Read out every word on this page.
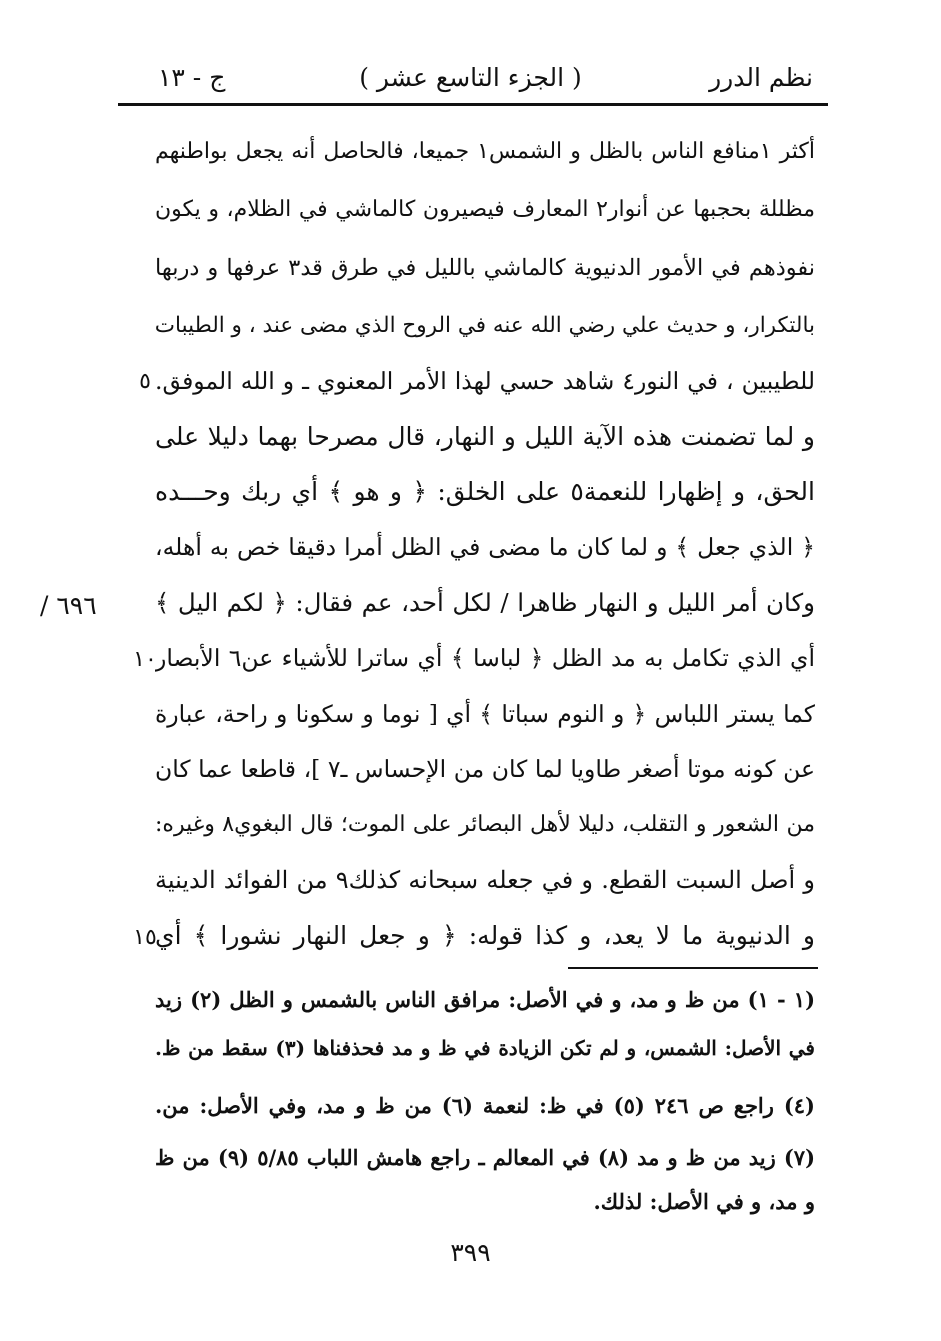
نظم الدرر
( الجزء التاسع عشر )
ج - ١٣
أكثر ١منافع الناس بالظل و الشمس١ جميعا، فالحاصل أنه يجعل بواطنهم
مظللة بحجبها عن أنوار٢ المعارف فيصيرون كالماشي في الظلام، و يكون
نفوذهم في الأمور الدنيوية كالماشي بالليل في طرق قد٣ عرفها و دربها
بالتكرار، و حديث علي رضي الله عنه في الروح الذي مضى عند ، و الطيبات
للطيبين ، في النور٤ شاهد حسي لهذا الأمر المعنوي ـ و الله الموفق.
و لما تضمنت هذه الآية الليل و النهار، قال مصرحا بهما دليلا على
الحق، و إظهارا للنعمة٥ على الخلق: ﴿ و هو ﴾ أي ربك وحـــده
﴿ الذي جعل ﴾ و لما كان ما مضى في الظل أمرا دقيقا خص به أهله،
وكان أمر الليل و النهار ظاهرا / لكل أحد، عم فقال: ﴿ لكم اليل ﴾
أي الذي تكامل به مد الظل ﴿ لباسا ﴾ أي ساترا للأشياء عن٦ الأبصار
كما يستر اللباس ﴿ و النوم سباتا ﴾ أي [ نوما و سكونا و راحة، عبارة
عن كونه موتا أصغر طاويا لما كان من الإحساس ـ٧ ]، قاطعا عما كان
من الشعور و التقلب، دليلا لأهل البصائر على الموت؛ قال البغوي٨ وغيره:
و أصل السبت القطع. و في جعله سبحانه كذلك٩ من الفوائد الدينية
و الدنيوية ما لا يعد، و كذا قوله: ﴿ و جعل النهار نشورا ﴾ أي
٥
١٠
١٥
٦٩٦ /
(١ - ١) من ظ و مد، و في الأصل: مرافق الناس بالشمس و الظل (٢) زيد
في الأصل: الشمس، و لم تكن الزيادة في ظ و مد فحذفناها (٣) سقط من ظ.
(٤) راجع ص ٢٤٦ (٥) في ظ: لنعمة (٦) من ظ و مد، وفي الأصل: من.
(٧) زيد من ظ و مد (٨) في المعالم ـ راجع هامش اللباب ٥/٨٥ (٩) من ظ
و مد، و في الأصل: لذلك.
٣٩٩
